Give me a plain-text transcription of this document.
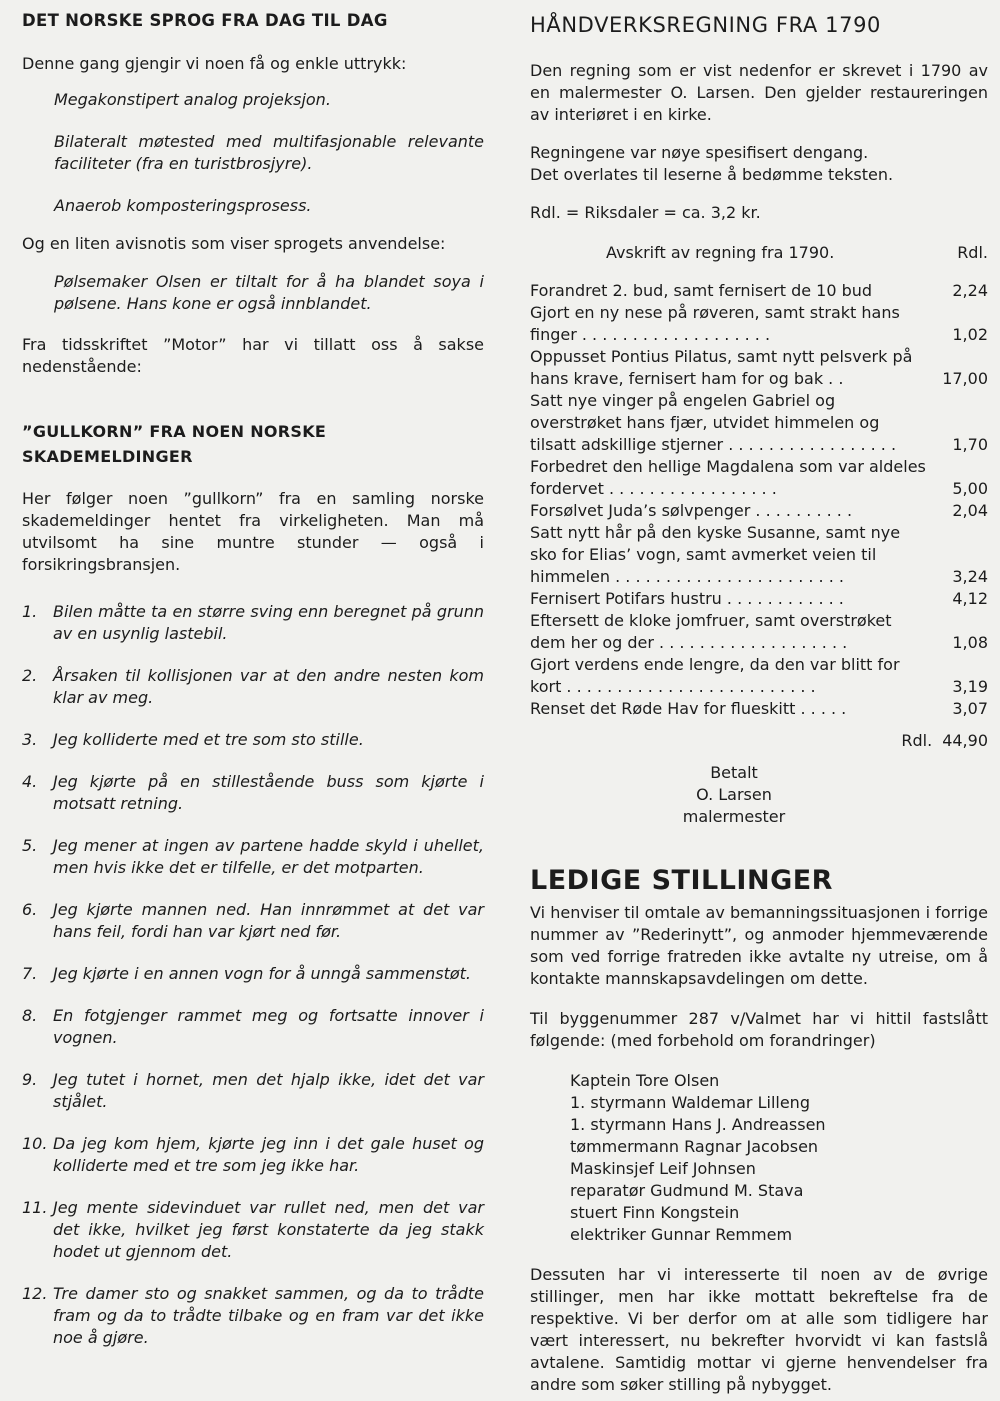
DET NORSKE SPROG FRA DAG TIL DAG

Denne gang gjengir vi noen få og enkle uttrykk:

Megakonstipert analog projeksjon.

Bilateralt møtested med multifasjonable relevante faciliteter (fra en turistbrosjyre).

Anaerob komposteringsprosess.

Og en liten avisnotis som viser sprogets anvendelse:

Pølsemaker Olsen er tiltalt for å ha blandet soya i pølsene. Hans kone er også innblandet.

Fra tidsskriftet ”Motor” har vi tillatt oss å sakse nedenstående:

”GULLKORN” FRA NOEN NORSKE
SKADEMELDINGER

Her følger noen ”gullkorn” fra en samling norske skademeldinger hentet fra virkeligheten. Man må utvilsomt ha sine muntre stunder — også i forsikringsbransjen.

1. Bilen måtte ta en større sving enn beregnet på grunn av en usynlig lastebil.
2. Årsaken til kollisjonen var at den andre nesten kom klar av meg.
3. Jeg kolliderte med et tre som sto stille.
4. Jeg kjørte på en stillestående buss som kjørte i motsatt retning.
5. Jeg mener at ingen av partene hadde skyld i uhellet, men hvis ikke det er tilfelle, er det motparten.
6. Jeg kjørte mannen ned. Han innrømmet at det var hans feil, fordi han var kjørt ned før.
7. Jeg kjørte i en annen vogn for å unngå sammenstøt.
8. En fotgjenger rammet meg og fortsatte innover i vognen.
9. Jeg tutet i hornet, men det hjalp ikke, idet det var stjålet.
10. Da jeg kom hjem, kjørte jeg inn i det gale huset og kolliderte med et tre som jeg ikke har.
11. Jeg mente sidevinduet var rullet ned, men det var det ikke, hvilket jeg først konstaterte da jeg stakk hodet ut gjennom det.
12. Tre damer sto og snakket sammen, og da to trådte fram og da to trådte tilbake og en fram var det ikke noe å gjøre.
HÅNDVERKSREGNING FRA 1790

Den regning som er vist nedenfor er skrevet i 1790 av en malermester O. Larsen. Den gjelder restaureringen av interiøret i en kirke.

Regningene var nøye spesifisert dengang.

Det overlates til leserne å bedømme teksten.

Rdl. = Riksdaler = ca. 3,2 kr.

Avskrift av regning fra 1790.	Rdl.
Forandret 2. bud, samt fernisert de 10 bud	2,24
Gjort en ny nese på røveren, samt strakt hans finger . . . . . . . . . . . . . . . . . . .	1,02
Oppusset Pontius Pilatus, samt nytt pelsverk på hans krave, fernisert ham for og bak . .	17,00
Satt nye vinger på engelen Gabriel og overstrøket hans fjær, utvidet himmelen og tilsatt adskillige stjerner . . . . . . . . . . . . . . . . .	1,70
Forbedret den hellige Magdalena som var aldeles fordervet . . . . . . . . . . . . . . . . .	5,00
Forsølvet Juda’s sølvpenger . . . . . . . . . .	2,04
Satt nytt hår på den kyske Susanne, samt nye sko for Elias’ vogn, samt avmerket veien til himmelen . . . . . . . . . . . . . . . . . . . . . . .	3,24
Fernisert Potifars hustru . . . . . . . . . . . .	4,12
Eftersett de kloke jomfruer, samt overstrøket dem her og der . . . . . . . . . . . . . . . . . . .	1,08
Gjort verdens ende lengre, da den var blitt for kort . . . . . . . . . . . . . . . . . . . . . . . . .	3,19
Renset det Røde Hav for flueskitt . . . . .	3,07
Rdl. 44,90
Betalt
O. Larsen
malermester
LEDIGE STILLINGER

Vi henviser til omtale av bemanningssituasjonen i forrige nummer av ”Rederinytt”, og anmoder hjemmeværende som ved forrige fratreden ikke avtalte ny utreise, om å kontakte mannskapsavdelingen om dette.

Til byggenummer 287 v/Valmet har vi hittil fastslått følgende: (med forbehold om forandringer)

Kaptein Tore Olsen
1. styrmann Waldemar Lilleng
1. styrmann Hans J. Andreassen
tømmermann Ragnar Jacobsen
Maskinsjef Leif Johnsen
reparatør Gudmund M. Stava
stuert Finn Kongstein
elektriker Gunnar Remmem

Dessuten har vi interesserte til noen av de øvrige stillinger, men har ikke mottatt bekreftelse fra de respektive. Vi ber derfor om at alle som tidligere har vært interessert, nu bekrefter hvorvidt vi kan fastslå avtalene. Samtidig mottar vi gjerne henvendelser fra andre som søker stilling på nybygget.
